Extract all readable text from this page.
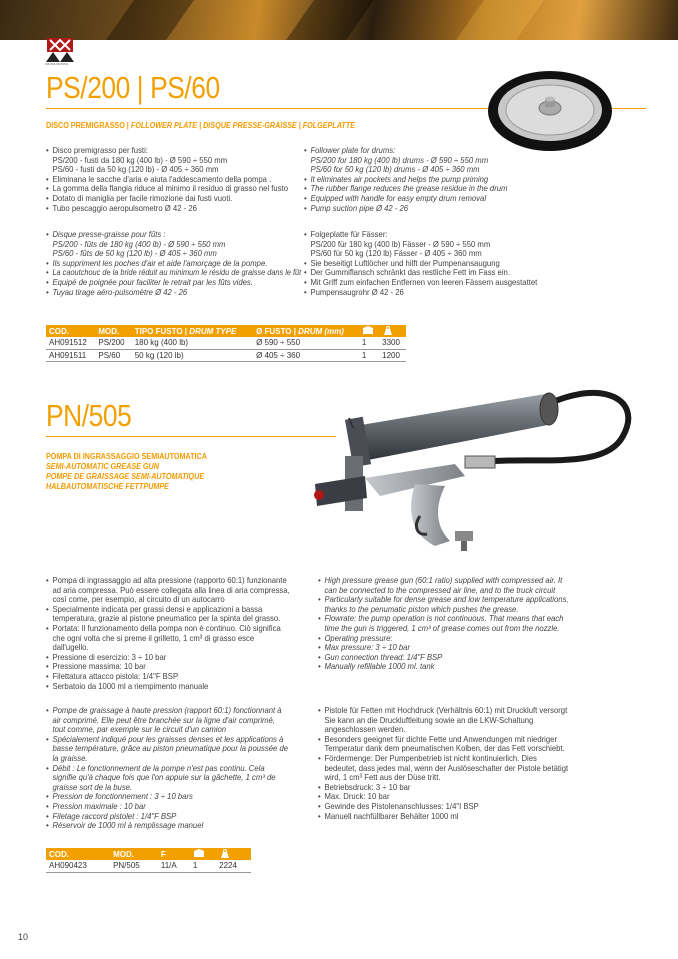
CROSS PETROL
PS/200 | PS/60
DISCO PREMIGRASSO | FOLLOWER PLATE | DISQUE PRESSE-GRAISSE | FOLGEPLATTE
• Disco premigrasso per fusti:
PS/200 - fusti da 180 kg (400 lb) - Ø 590 ÷ 550 mm
PS/60 - fusti da 50 kg (120 lb) - Ø 405 ÷ 360 mm
• Eliminana le sacche d'aria e aiuta l'addescamento della pompa .
• La gomma della flangia riduce al minimo il residuo di grasso nel fusto
• Dotato di maniglia per facile rimozione dai fusti vuoti.
• Tubo pescaggio aeropulsometro Ø 42 - 26
• Disque presse-graisse pour fûts :
PS/200 - fûts de 180 kg (400 lb) - Ø 590 ÷ 550 mm
PS/60 - fûts de 50 kg (120 lb) - Ø 405 ÷ 360 mm
• Ils suppriment les poches d'air et aide l'amorçage de la pompe.
• La caoutchouc de la bride réduit au minimum le résidu de graisse dans le fût
• Equipé de poignée pour faciliter le retrait par les fûts vides.
• Tuyau tirage aéro-pulsomètre Ø 42 - 26
• Follower plate for drums:
PS/200 for 180 kg (400 lb) drums - Ø 590 ÷ 550 mm
PS/60 for 50 kg (120 lb) drums - Ø 405 ÷ 360 mm
• It eliminates air pockets and helps the pump priming
• The rubber flange reduces the grease residue in the drum
• Equipped with handle for easy empty drum removal
• Pump suction pipe Ø 42 - 26
• Folgeplatte für Fässer:
PS/200 für 180 kg (400 lb) Fässer - Ø 590 ÷ 550 mm
PS/60 für 50 kg (120 lb) Fässer - Ø 405 ÷ 360 mm
• Sie beseitigt Luftlöcher und hilft der Pumpenansaugung
• Der Gummiflansch schränkt das restliche Fett im Fass ein.
• Mit Griff zum einfachen Entfernen von leeren Fässern ausgestattet
• Pumpensaugrohr Ø 42 - 26
COD.	MOD.	TIPO FUSTO | DRUM TYPE	Ø FUSTO | DRUM (mm)		
AH091512	PS/200	180 kg (400 lb)	Ø 590 ÷ 550	1	3300
AH091511	PS/60	50 kg (120 lb)	Ø 405 ÷ 360	1	1200
PN/505
POMPA DI INGRASSAGGIO SEMIAUTOMATICA
SEMI-AUTOMATIC GREASE GUN
POMPE DE GRAISSAGE SEMI-AUTOMATIQUE
HALBAUTOMATISCHE FETTPUMPE
• Pompa di ingrassaggio ad alta pressione (rapporto 60:1) funzionante ad aria compressa. Può essere collegata alla linea di aria compressa, così come, per esempio, al circuito di un autocarro
• Specialmente indicata per grassi densi e applicazioni a bassa temperatura, grazie al pistone pneumatico per la spinta del grasso.
• Portata: Il funzionamento della pompa non è continuo. Ciò significa che ogni volta che si preme il grilletto, 1 cm³ di grasso esce dall'ugello.
• Pressione di esercizio: 3 ÷ 10 bar
• Pressione massima: 10 bar
• Filettatura attacco pistola: 1/4"F BSP
• Serbatoio da 1000 ml a riempimento manuale
• Pompe de graissage à haute pression (rapport 60:1) fonctionnant à air comprimé. Elle peut être branchée sur la ligne d'air comprimé, tout comme, par exemple sur le circuit d'un camion
• Spécialement indiqué pour les graisses denses et les applications à basse température, grâce au piston pneumatique pour la poussée de la graisse.
• Débit : Le fonctionnement de la pompe n'est pas continu. Cela signifie qu'à chaque fois que l'on appuie sur la gâchette, 1 cm³ de graisse sort de la buse.
• Pression de fonctionnement : 3 ÷ 10 bars
• Pression maximale : 10 bar
• Filetage raccord pistolet : 1/4"F BSP
• Réservoir de 1000 ml à remplissage manuel
• High pressure grease gun (60:1 ratio) supplied with compressed air. It can be connected to the compressed air line, and to the truck circuit
• Particularly suitable for dense grease and low temperature applications, thanks to the penumatic piston which pushes the grease.
• Flowrate: the pump operation is not continuous. That means that each time the gun is triggered, 1 cm³ of grease comes out from the nozzle.
• Operating pressure:
• Max pressure: 3 ÷ 10 bar
• Gun connection thread: 1/4"F BSP
• Manually refillable 1000 ml. tank
• Pistole für Fetten mit Hochdruck (Verhältnis 60:1) mit Druckluft versorgt Sie kann an die Druckluftleitung sowie an die LKW-Schaltung angeschlossen werden.
• Besonders geeignet für dichte Fette und Anwendungen mit niedriger Temperatur dank dem pneumatischen Kolben, der das Fett vorschiebt.
• Fördermenge: Der Pumpenbetrieb ist nicht kontinuierlich. Dies bedeutet, dass jedes mal, wenn der Auslöseschalter der Pistole betätigt wird, 1 cm³ Fett aus der Düse tritt.
• Betriebsdruck: 3 ÷ 10 bar
• Max. Druck: 10 bar
• Gewinde des Pistolenanschlusses: 1/4"I BSP
• Manuell nachfüllbarer Behälter 1000 ml
COD.	MOD.	F		
AH090423	PN/505	11/A	1	2224
10
